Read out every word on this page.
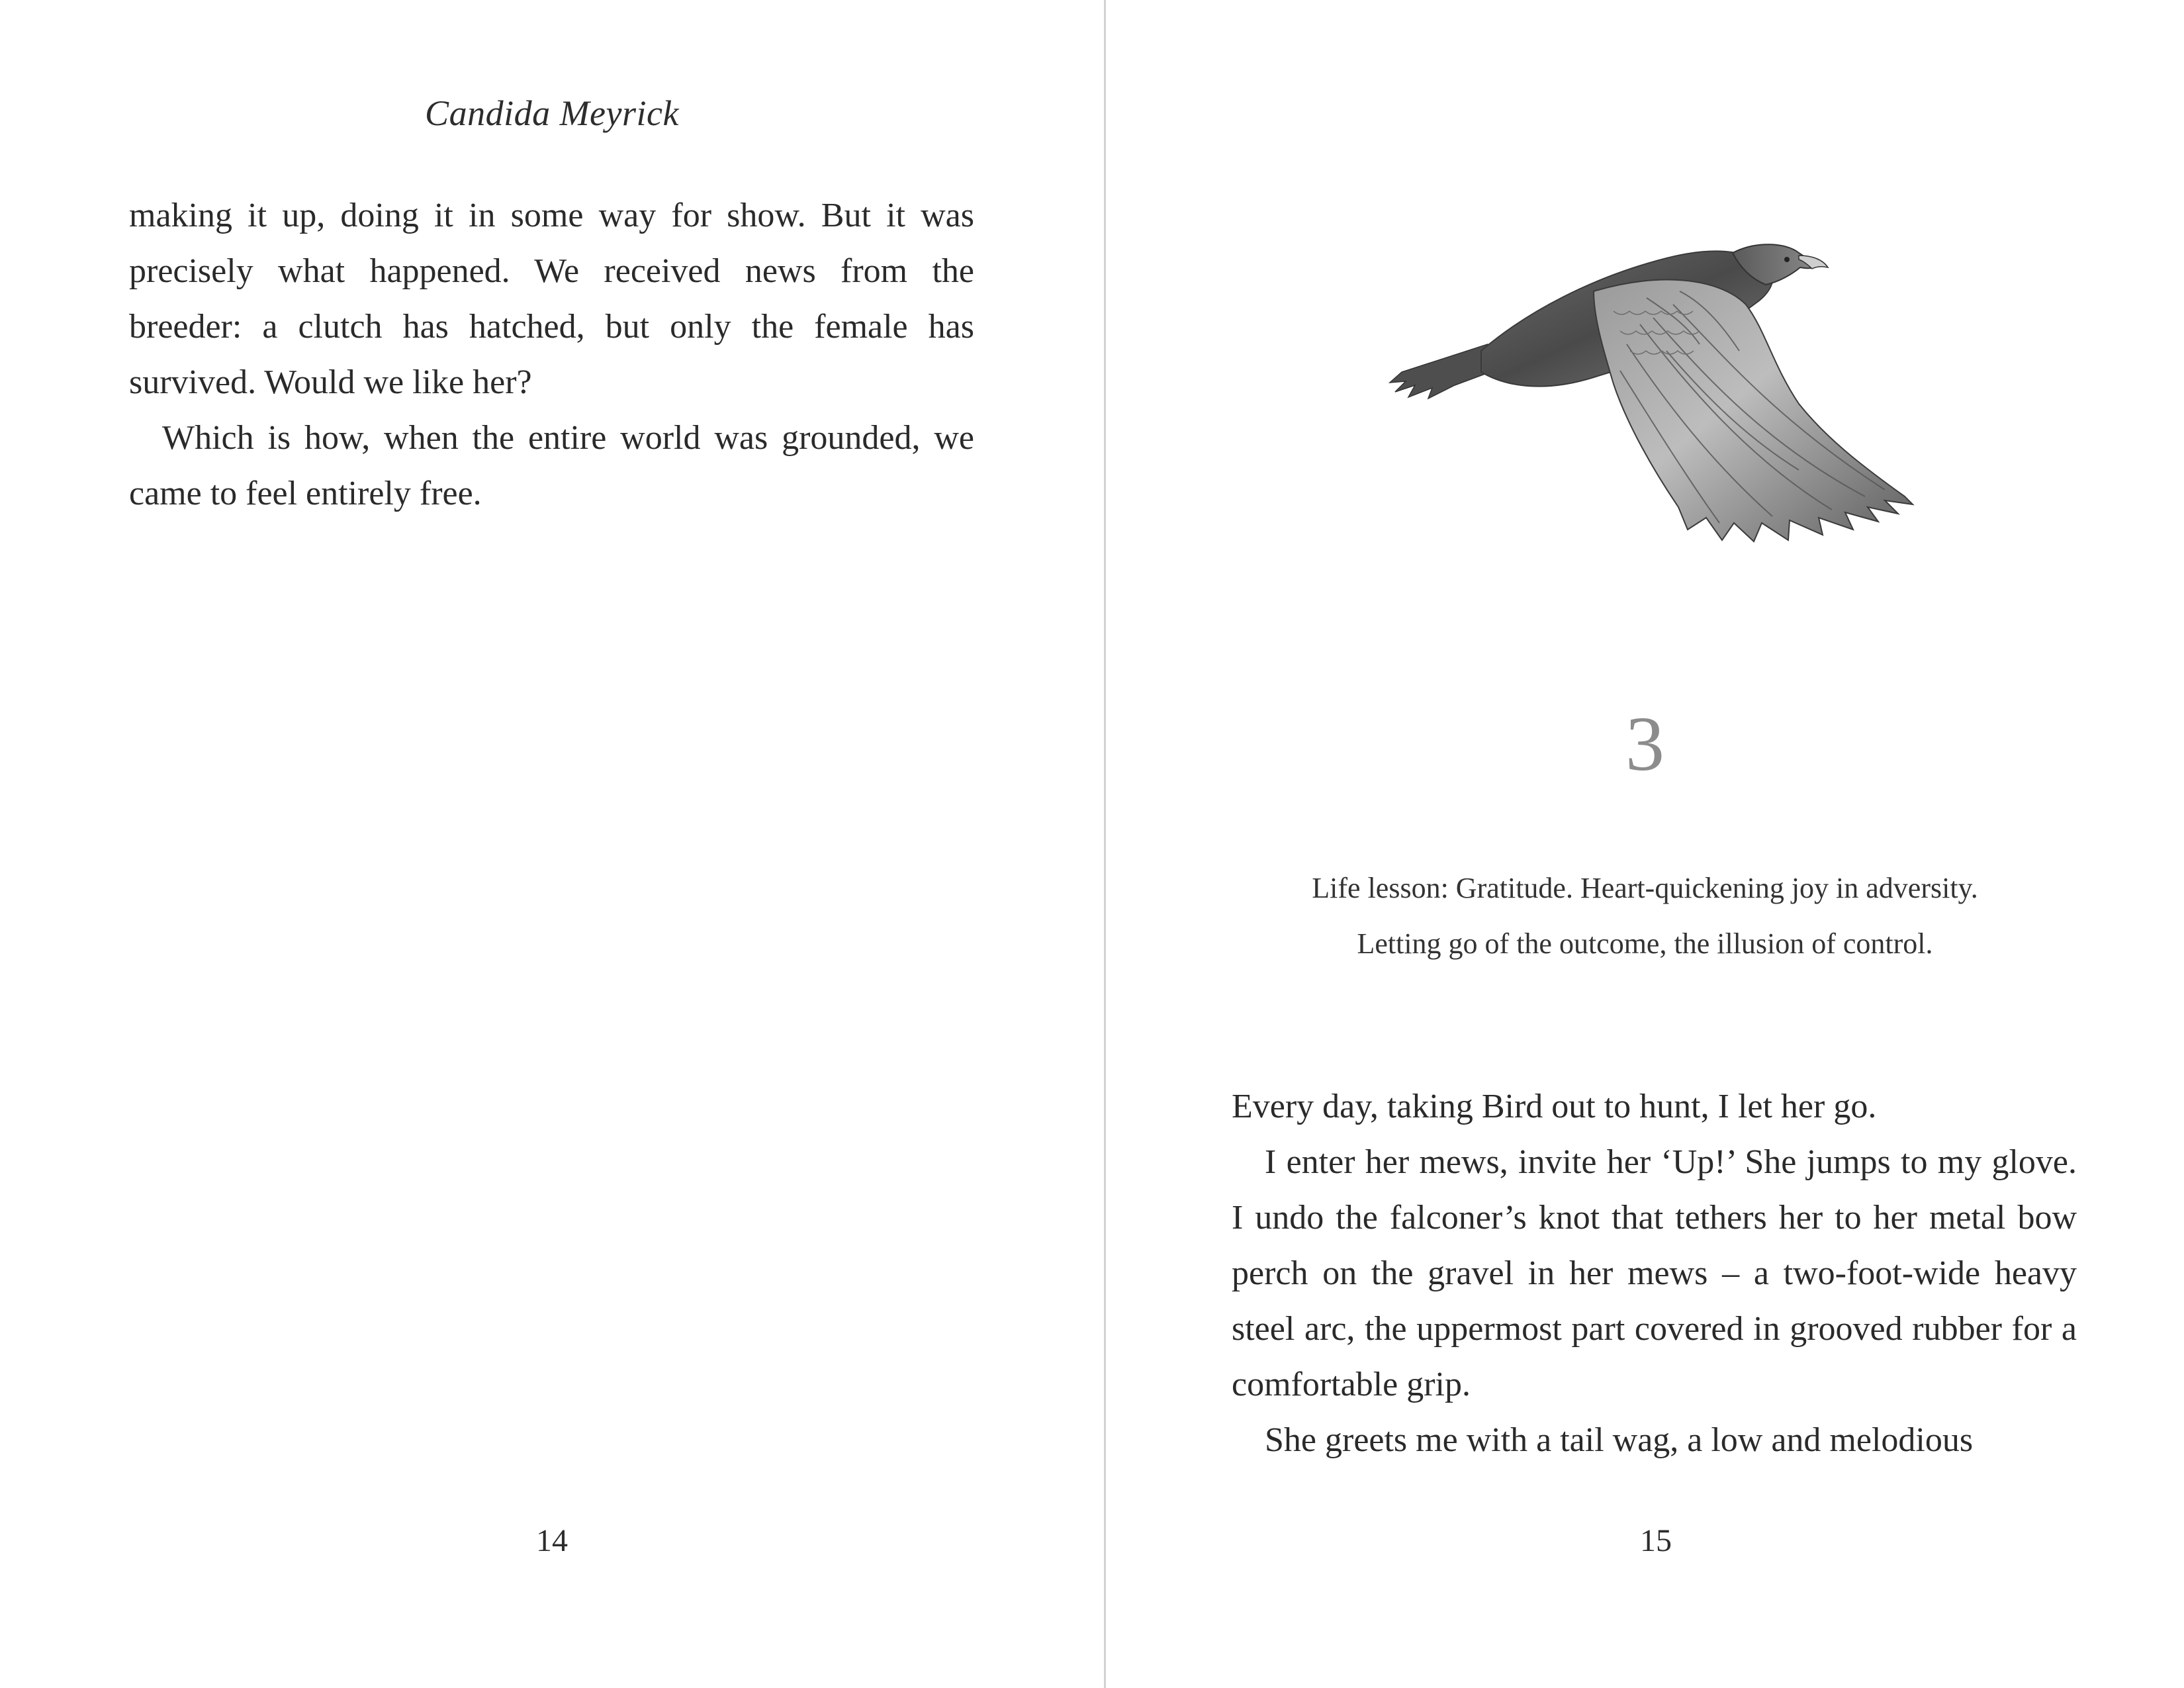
Candida Meyrick

making it up, doing it in some way for show. But it was precisely what happened. We received news from the breeder: a clutch has hatched, but only the female has survived. Would we like her?

Which is how, when the entire world was grounded, we came to feel entirely free.

14
3

Life lesson: Gratitude. Heart-quickening joy in adversity.

Letting go of the outcome, the illusion of control.

Every day, taking Bird out to hunt, I let her go.

I enter her mews, invite her ‘Up!’ She jumps to my glove. I undo the falconer’s knot that tethers her to her metal bow perch on the gravel in her mews – a two-foot-wide heavy steel arc, the uppermost part covered in grooved rubber for a comfortable grip.

She greets me with a tail wag, a low and melodious

15
